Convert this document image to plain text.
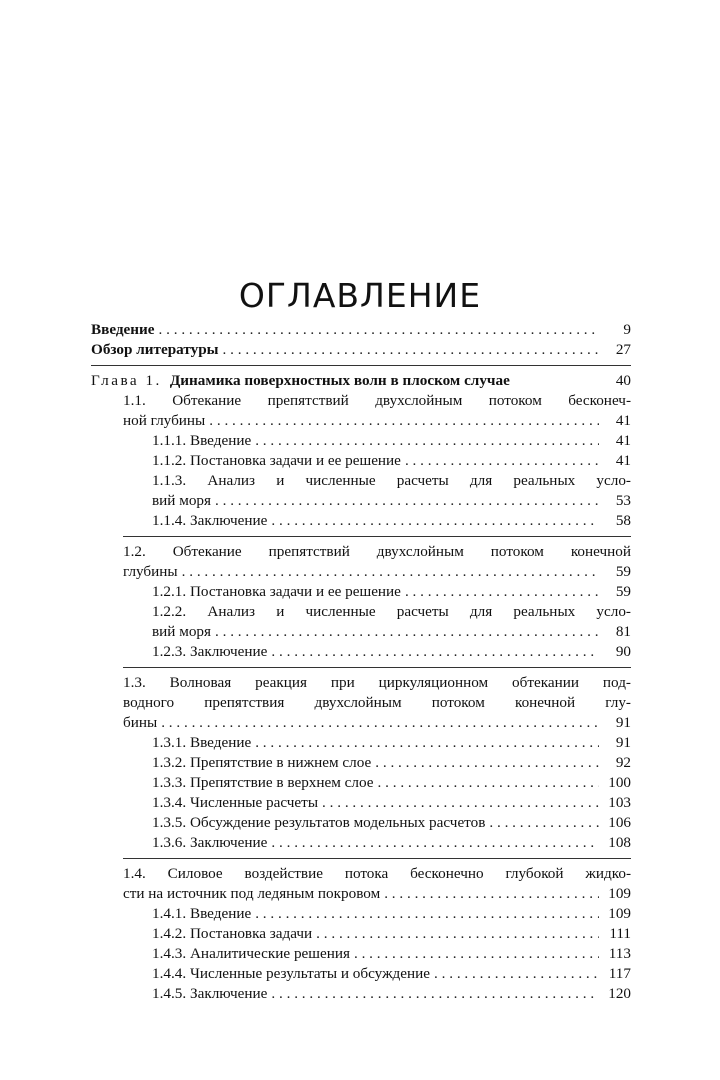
ОГЛАВЛЕНИЕ
Введение . . .	9
Обзор литературы . . .	27
Глава 1. Динамика поверхностных волн в плоском случае	40
1.1. Обтекание препятствий двухслойным потоком бесконеч-
ной глубины . . .	41
1.1.1. Введение . . .	41
1.1.2. Постановка задачи и ее решение . . .	41
1.1.3. Анализ и численные расчеты для реальных усло-
вий моря . . .	53
1.1.4. Заключение . . .	58
1.2. Обтекание препятствий двухслойным потоком конечной
глубины . . .	59
1.2.1. Постановка задачи и ее решение . . .	59
1.2.2. Анализ и численные расчеты для реальных усло-
вий моря . . .	81
1.2.3. Заключение . . .	90
1.3. Волновая реакция при циркуляционном обтекании под-
водного препятствия двухслойным потоком конечной глу-
бины . . .	91
1.3.1. Введение . . .	91
1.3.2. Препятствие в нижнем слое . . .	92
1.3.3. Препятствие в верхнем слое . . .	100
1.3.4. Численные расчеты . . .	103
1.3.5. Обсуждение результатов модельных расчетов . . .	106
1.3.6. Заключение . . .	108
1.4. Силовое воздействие потока бесконечно глубокой жидко-
сти на источник под ледяным покровом . . .	109
1.4.1. Введение . . .	109
1.4.2. Постановка задачи . . .	111
1.4.3. Аналитические решения . . .	113
1.4.4. Численные результаты и обсуждение . . .	117
1.4.5. Заключение . . .	120
